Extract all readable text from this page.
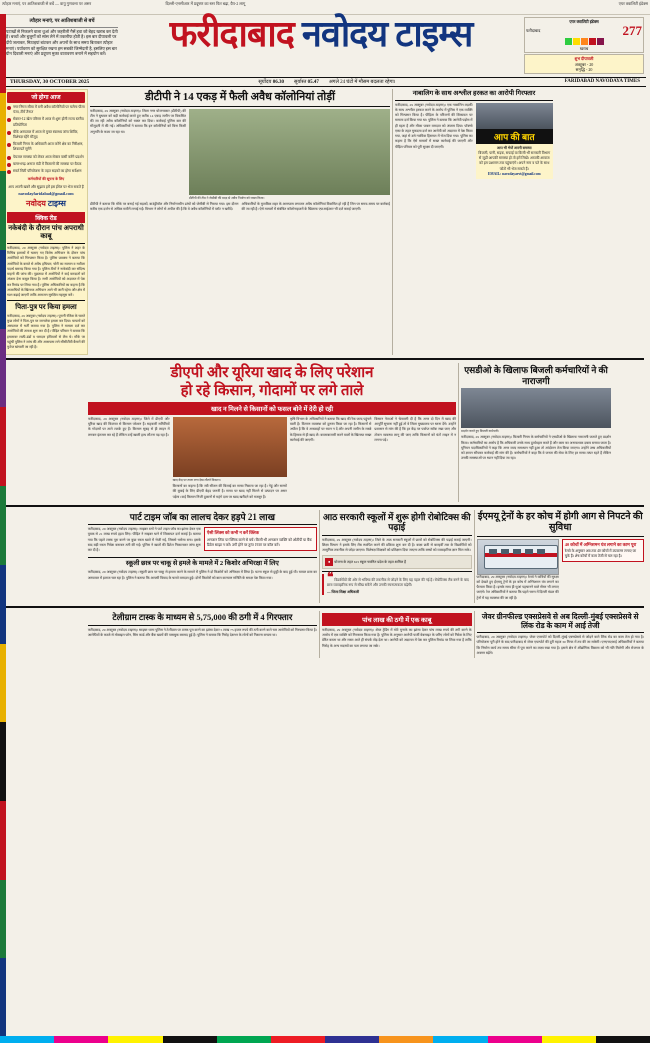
त्योहार मनाएं, पर आतिशबाजी से बचें — वायु गुणवत्ता पर असर	दिल्ली-एनसीआर में प्रदूषण का स्तर फिर बढ़ा, ग्रैप-2 लागू	एयर क्वालिटी इंडेक्स
त्यौहार मनाएं, पर आतिशबाजी से बचें
पटाखों से निकलने वाला धुआं और जहरीली गैसें हवा को बेहद खराब कर देती हैं। बच्चों और बुजुर्गों को सांस लेने में तकलीफ होती है। इस बार दीपावली पर दीये जलाकर, मिठाइयां बांटकर और अपनों के साथ समय बिताकर त्योहार मनाएं। पर्यावरण को सुरक्षित रखना हम सबकी जिम्मेदारी है, इसलिए इस बार ग्रीन दिवाली मनाएं और प्रदूषण मुक्त वातावरण बनाने में सहयोग करें।	फरीदाबाद नवोदय टाइम्स	एयर क्वालिटी इंडेक्स
फरीदाबाद	277
खराब
शुभ दीपावली
अक्टूबर - 20
समृद्धि - 20
THURSDAY, 30 OCTOBER 2025	सूर्योदय 06.30 सूर्यास्त 05.47 अगले 24 घंटों में मौसम बदलता रहेगा।	FARIDABAD NAVODAYA TIMES
जो होगा आज
नगर निगम सीमा में बनी अवैध कॉलोनियों पर चलेगा पीला पंजा, टीमें तैनात
सेक्टर-12 खेल परिसर में आज से शुरू होगी राज्य स्तरीय प्रतियोगिता
बीके अस्पताल में आज से मुफ्त स्वास्थ्य जांच शिविर, विशेषज्ञ रहेंगे मौजूद
बिजली निगम के अधिकारी आज करेंगे क्षेत्र का निरीक्षण, शिकायतें सुनेंगे
पेयजल समस्या को लेकर आज सेक्टर वासी करेंगे प्रदर्शन
बल्लभगढ़ अनाज मंडी में किसानों की समस्या पर बैठक
स्मार्ट सिटी परियोजना के तहत सड़कों का होगा सर्वेक्षण
कर्मचारियों की सूचना के लिए
आप अपनी खबरें और सुझाव हमें इस ईमेल पर भेज सकते हैं
navodayfaridabad@gmail.com
नवोदय टाइम्स
क्विक रीड
नकेबंदी के दौरान पांच अपराधी काबू

फरीदाबाद, 29 अक्टूबर (नवोदय टाइम्स)। पुलिस ने शहर के विभिन्न इलाकों में चलाए गए विशेष अभियान के दौरान पांच आरोपियों को गिरफ्तार किया है। पुलिस प्रवक्ता ने बताया कि आरोपियों के कब्जे से अवैध हथियार, चोरी का सामान व नशीला पदार्थ बरामद किया गया है। पुलिस टीमों ने नाकेबंदी कर संदिग्ध वाहनों की जांच की। पूछताछ में आरोपियों ने कई वारदातों को अंजाम देना कबूल किया है। सभी आरोपियों को अदालत में पेश कर रिमांड पर लिया गया है। पुलिस अधिकारियों का कहना है कि अपराधियों के खिलाफ अभियान आगे भी जारी रहेगा और क्षेत्र में गश्त बढ़ाई जाएगी ताकि आमजन सुरक्षित महसूस करें।

पिता-पुत्र पर किया हमला

फरीदाबाद, 29 अक्टूबर (नवोदय टाइम्स)। पुरानी रंजिश के चलते कुछ लोगों ने पिता-पुत्र पर जानलेवा हमला कर दिया। घायलों को अस्पताल में भर्ती कराया गया है। पुलिस ने मामला दर्ज कर आरोपियों की तलाश शुरू कर दी है। पीड़ित परिवार ने बताया कि हमलावर लाठी-डंडों व धारदार हथियारों से लैस थे। मौके पर पहुंची पुलिस ने जांच की और आसपास लगे सीसीटीवी कैमरों की फुटेज खंगाली जा रही है।

डीटीपी ने 14 एकड़ में फैली अवैध कॉलोनियां तोड़ीं

फरीदाबाद, 29 अक्टूबर (नवोदय टाइम्स)। जिला नगर योजनाकार (डीटीपी) की टीम ने बुधवार को बड़ी कार्रवाई करते हुए करीब 14 एकड़ जमीन पर विकसित की जा रही अवैध कॉलोनियों को ध्वस्त कर दिया। कार्रवाई पुलिस बल की मौजूदगी में की गई। अधिकारियों ने बताया कि इन कॉलोनियों को बिना किसी अनुमति के काटा जा रहा था।

डीटीपी की टीम ने जेसीबी की मदद से अवैध निर्माण को ध्वस्त किया।

डीटीपी ने बताया कि मौके पर बनाई गई सड़कों, बाउंड्रीवॉल और निर्माणाधीन ढांचों को जेसीबी से गिराया गया। इस दौरान करीब एक दर्जन से अधिक मशीनें लगाई गईं। विभाग ने लोगों से अपील की है कि वे अवैध कॉलोनियों में प्लॉट न खरीदें।

अधिकारियों के मुताबिक शहर के आसपास लगातार अवैध कॉलोनियां विकसित हो रही हैं जिन पर समय-समय पर कार्रवाई की जा रही है। ऐसे मामलों में संबंधित कॉलोनाइजरों के खिलाफ एफआईआर भी दर्ज कराई जाएगी।

नाबालिग के साथ अश्लील हरकत का आरोपी गिरफ्तार

फरीदाबाद, 29 अक्टूबर (नवोदय टाइम्स)। एक नाबालिग लड़की के साथ अश्लील हरकत करने के आरोप में पुलिस ने एक व्यक्ति को गिरफ्तार किया है। पीड़िता के परिजनों की शिकायत पर मामला दर्ज किया गया था। पुलिस ने बताया कि आरोपी पड़ोस में ही रहता है और मौका पाकर वारदात को अंजाम दिया। पॉक्सो एक्ट के तहत मुकदमा दर्ज कर आरोपी को अदालत में पेश किया गया, जहां से उसे न्यायिक हिरासत में भेज दिया गया। पुलिस का कहना है कि ऐसे मामलों में सख्त कार्रवाई की जाएगी और पीड़ित परिवार को पूरी सुरक्षा दी जाएगी।

आप की बात
आप भी भेजें अपनी समस्या
बिजली, पानी, सड़क, सफाई या किसी भी सरकारी विभाग से जुड़ी आपकी समस्या हो तो हमें लिखें। आपकी आवाज को हम प्रशासन तक पहुंचाएंगे। अपने नाम व पते के साथ फोटो भी भेज सकते हैं।
EMAIL: navodayaevt@gmail.com
डीएपी और यूरिया खाद के लिए परेशान
हो रहे किसान, गोदामों पर लगे ताले
खाद न मिलने से किसानों को फसल बोने में देरी हो रही

फरीदाबाद, 29 अक्टूबर (नवोदय टाइम्स)। जिले में डीएपी और यूरिया खाद की किल्लत से किसान परेशान हैं। सहकारी समितियों के गोदामों पर ताले लटके हुए हैं। किसान सुबह से ही लाइन में लगकर इंतजार कर रहे हैं लेकिन उन्हें खाली हाथ लौटना पड़ रहा है।

खाद केंद्र पर ताला लगा देख लौटते किसान।

किसानों का कहना है कि रबी सीजन की बिजाई का समय निकला जा रहा है। गेहूं और सरसों की बुवाई के लिए डीएपी बेहद जरूरी है। समय पर खाद नहीं मिलने से उत्पादन पर असर पड़ेगा। कई किसान निजी दुकानों से महंगे दाम पर खाद खरीदने को मजबूर हैं।

कृषि विभाग के अधिकारियों ने बताया कि खाद की रैक जल्द पहुंचने वाली है। वितरण व्यवस्था को दुरुस्त किया जा रहा है। किसानों से अपील है कि वे अफवाहों पर ध्यान न दें और अपनी जमीन के रकबे के हिसाब से ही खाद लें। कालाबाजारी करने वालों के खिलाफ सख्त कार्रवाई की जाएगी।

किसान नेताओं ने चेतावनी दी है कि अगर दो दिन में खाद की आपूर्ति सुचारू नहीं हुई तो वे जिला मुख्यालय पर धरना देंगे। उन्होंने प्रशासन से मांग की है कि हर केंद्र पर पर्याप्त स्टॉक रखा जाए और टोकन व्यवस्था लागू की जाए ताकि किसानों को घंटों लाइन में न लगना पड़े।

एसडीओ के खिलाफ बिजली कर्मचारियों ने की नाराजगी
प्रदर्शन करते हुए बिजली कर्मचारी।

फरीदाबाद, 29 अक्टूबर (नवोदय टाइम्स)। बिजली निगम के कर्मचारियों ने एसडीओ के खिलाफ नाराजगी जताते हुए प्रदर्शन किया। कर्मचारियों का आरोप है कि अधिकारी उनके साथ दुर्व्यवहार करते हैं और काम का अनावश्यक दबाव बनाया जाता है। यूनियन पदाधिकारियों ने कहा कि अगर जल्द समाधान नहीं हुआ तो आंदोलन तेज किया जाएगा। उन्होंने उच्च अधिकारियों को ज्ञापन सौंपकर कार्रवाई की मांग की है। कर्मचारियों ने कहा कि वे जनता की सेवा के लिए हर समय तत्पर रहते हैं लेकिन उनकी समस्याओं पर ध्यान नहीं दिया जा रहा।

पार्ट टाइम जॉब का लालच देकर हड़पे 21 लाख

फरीदाबाद, 29 अक्टूबर (नवोदय टाइम्स)। साइबर ठगों ने पार्ट टाइम जॉब का झांसा देकर एक युवक से 21 लाख रुपये हड़प लिए। पीड़ित ने साइबर थाने में शिकायत दर्ज कराई है। बताया गया कि पहले टास्क पूरा करने पर कुछ रकम खाते में भेजी गई, जिससे भरोसा बना। इसके बाद बड़ी रकम निवेश कराकर ठगी की गई। पुलिस ने खातों की डिटेल निकालकर जांच शुरू कर दी है।

ऐसी लिंक्स को कभी न करें क्लिक
अनजान लिंक पर क्लिक करने से बचें। किसी भी अनजान व्यक्ति को ओटीपी या बैंक डिटेल साझा न करें। ठगी होने पर तुरंत 1930 पर कॉल करें।
स्कूली छात्र पर चाकू से हमले के मामले में 2 किशोर अभिरक्षा में लिए

फरीदाबाद, 29 अक्टूबर (नवोदय टाइम्स)। स्कूली छात्र पर चाकू से हमला करने के मामले में पुलिस ने दो किशोरों को अभिरक्षा में लिया है। घटना स्कूल से छुट्टी के बाद हुई थी। घायल छात्र का अस्पताल में इलाज चल रहा है। पुलिस ने बताया कि आपसी विवाद के चलते वारदात हुई। दोनों किशोरों को बाल कल्याण समिति के समक्ष पेश किया गया।

आठ सरकारी स्कूलों में शुरू होगी रोबोटिक्स की पढ़ाई

फरीदाबाद, 29 अक्टूबर (नवोदय टाइम्स)। जिले के आठ सरकारी स्कूलों में छात्रों को रोबोटिक्स की पढ़ाई कराई जाएगी। शिक्षा विभाग ने इसके लिए लैब स्थापित करने की प्रक्रिया शुरू कर दी है। कक्षा छठी से बारहवीं तक के विद्यार्थियों को आधुनिक तकनीक से जोड़ा जाएगा। विशेषज्ञ शिक्षकों को प्रशिक्षण दिया जाएगा ताकि बच्चों को व्यावहारिक ज्ञान मिल सके।

● योजना के तहत 615 स्कूल चयनित प्रदेश के तहत शामिल हैं
❝ विद्यार्थियों की ओर से भविष्य की तकनीक से जोड़ने के लिए यह पहल की गई है। रोबोटिक्स लैब बनने के बाद छात्र व्यावहारिक रूप से सीख सकेंगे और उनकी रचनात्मकता बढ़ेगी।
— जिला शिक्षा अधिकारी
ईएमयू ट्रेनों के हर कोच में होगी आग से निपटने की सुविधा

फरीदाबाद, 29 अक्टूबर (नवोदय टाइम्स)। रेलवे ने यात्रियों की सुरक्षा को देखते हुए ईएमयू ट्रेनों के हर कोच में अग्निशमन यंत्र लगाने का फैसला किया है। इसके साथ ही धुआं पहचानने वाले सेंसर भी लगाए जाएंगे। रेल अधिकारियों ने बताया कि पहले चरण में दिल्ली मंडल की ट्रेनों में यह व्यवस्था की जा रही है।

40 कोचों में अग्निशमन यंत्र लगाने का काम पूरा
रेलवे के अनुसार अब तक 40 कोचों में उपकरण लगाए जा चुके हैं। शेष कोचों में काम तेजी से चल रहा है।
टेलीग्राम टास्क के माध्यम से 5,75,000 की ठगी में 4 गिरफ्तार

फरीदाबाद, 29 अक्टूबर (नवोदय टाइम्स)। साइबर थाना पुलिस ने टेलीग्राम पर टास्क पूरा करने का झांसा देकर 5 लाख 75 हजार रुपये की ठगी करने वाले चार आरोपियों को गिरफ्तार किया है। आरोपियों के कब्जे से मोबाइल फोन, सिम कार्ड और बैंक खातों की पासबुक बरामद हुई है। पुलिस ने बताया कि गिरोह देशभर के लोगों को निशाना बनाता था।

पांच लाख की ठगी में एक काबू

फरीदाबाद, 29 अक्टूबर (नवोदय टाइम्स)। शेयर ट्रेडिंग में मोटे मुनाफे का झांसा देकर पांच लाख रुपये की ठगी करने के आरोप में एक व्यक्ति को गिरफ्तार किया गया है। पुलिस के अनुसार आरोपी फर्जी वेबसाइट के जरिए लोगों को निवेश के लिए प्रेरित करता था और रकम आते ही संपर्क तोड़ देता था। आरोपी को अदालत में पेश कर पुलिस रिमांड पर लिया गया है ताकि गिरोह के अन्य सदस्यों का पता लगाया जा सके।

जेवर ग्रीनफील्ड एक्सप्रेसवे से अब दिल्ली-मुंबई एक्सप्रेसवे से लिंक रोड के काम में आई तेजी

फरीदाबाद, 29 अक्टूबर (नवोदय टाइम्स)। जेवर एयरपोर्ट को दिल्ली-मुंबई एक्सप्रेसवे से जोड़ने वाले लिंक रोड का काम तेज हो गया है। परियोजना पूरी होने के बाद फरीदाबाद से जेवर एयरपोर्ट की दूरी महज 30 मिनट में तय की जा सकेगी। एनएचएआई अधिकारियों ने बताया कि निर्माण कार्य तय समय सीमा में पूरा करने का लक्ष्य रखा गया है। इससे क्षेत्र में औद्योगिक विकास को भी गति मिलेगी और रोजगार के अवसर बढ़ेंगे।
